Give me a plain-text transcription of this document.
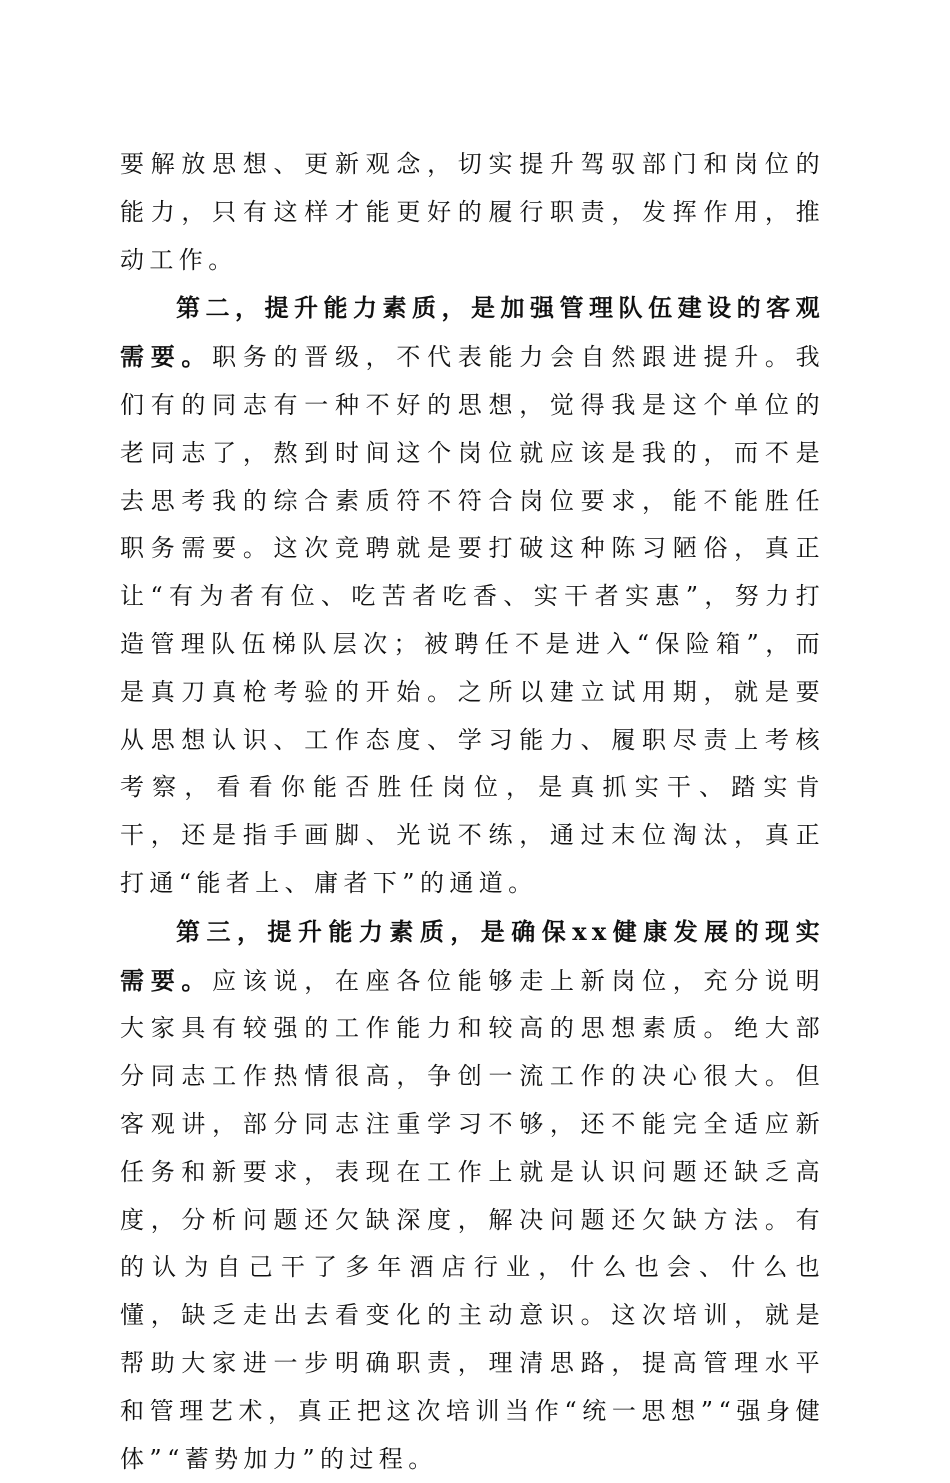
要解放思想、更新观念，切实提升驾驭部门和岗位的能力，只有这样才能更好的履行职责，发挥作用，推动工作。

第二，提升能力素质，是加强管理队伍建设的客观需要。职务的晋级，不代表能力会自然跟进提升。我们有的同志有一种不好的思想，觉得我是这个单位的老同志了，熬到时间这个岗位就应该是我的，而不是去思考我的综合素质符不符合岗位要求，能不能胜任职务需要。这次竞聘就是要打破这种陈习陋俗，真正让“有为者有位、吃苦者吃香、实干者实惠”，努力打造管理队伍梯队层次；被聘任不是进入“保险箱”，而是真刀真枪考验的开始。之所以建立试用期，就是要从思想认识、工作态度、学习能力、履职尽责上考核考察，看看你能否胜任岗位，是真抓实干、踏实肯干，还是指手画脚、光说不练，通过末位淘汰，真正打通“能者上、庸者下”的通道。

第三，提升能力素质，是确保xx健康发展的现实需要。应该说，在座各位能够走上新岗位，充分说明大家具有较强的工作能力和较高的思想素质。绝大部分同志工作热情很高，争创一流工作的决心很大。但客观讲，部分同志注重学习不够，还不能完全适应新任务和新要求，表现在工作上就是认识问题还缺乏高度，分析问题还欠缺深度，解决问题还欠缺方法。有的认为自己干了多年酒店行业，什么也会、什么也懂，缺乏走出去看变化的主动意识。这次培训，就是帮助大家进一步明确职责，理清思路，提高管理水平和管理艺术，真正把这次培训当作“统一思想”“强身健体”“蓄势加力”的过程。
